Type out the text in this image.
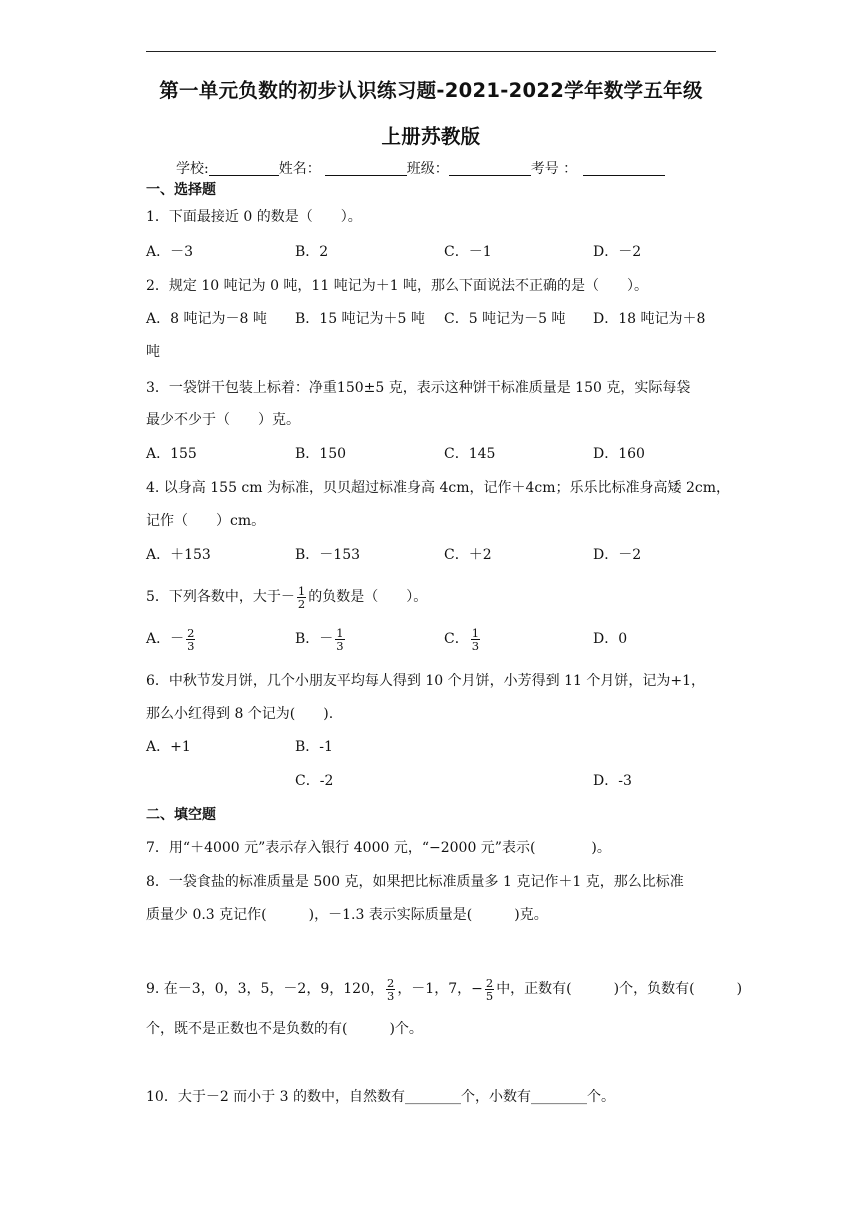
第一单元负数的初步认识练习题-2021-2022学年数学五年级
上册苏教版
学校:	姓名：	班级：	考号 ：
一、选择题
1．下面最接近 0 的数是（　　）。
A．－3	B．2	C．－1	D．－2
2．规定 10 吨记为 0 吨，11 吨记为＋1 吨，那么下面说法不正确的是（　　）。
A．8 吨记为－8 吨 B．15 吨记为＋5 吨 C．5 吨记为－5 吨 D．18 吨记为＋8
吨
3．一袋饼干包装上标着：净重150±5 克，表示这种饼干标准质量是 150 克，实际每袋
最少不少于（　　）克。
A．155	B．150	C．145	D．160
4. 以身高 155 cm 为标准，贝贝超过标准身高 4cm，记作＋4cm；乐乐比标准身高矮 2cm，
记作（　　）cm。
A．＋153	B．－153	C．＋2	D．－2
5．下列各数中，大于－ $\frac{1}{2}$ 的负数是（　　）。
A．－ $\frac{2}{3}$	B．－ $\frac{1}{3}$	C． $\frac{1}{3}$	D．0
6．中秋节发月饼，几个小朋友平均每人得到 10 个月饼，小芳得到 11 个月饼，记为+1，
那么小红得到 8 个记为(　　).
A．+1	B．-1
C．-2	D．-3
二、填空题
7．用“＋4000 元”表示存入银行 4000 元，“−2000 元”表示(　　　　)。
8．一袋食盐的标准质量是 500 克，如果把比标准质量多 1 克记作＋1 克，那么比标准
质量少 0.3 克记作(　　　)，－1.3 表示实际质量是(　　　)克。
9. 在－3，0，3，5，－2，9，120， $\frac{2}{3}$ ，－1，7，− $\frac{2}{5}$ 中，正数有(　　　)个，负数有(　　　)
个，既不是正数也不是负数的有(　　　)个。
10．大于－2 而小于 3 的数中，自然数有________个，小数有________个。
